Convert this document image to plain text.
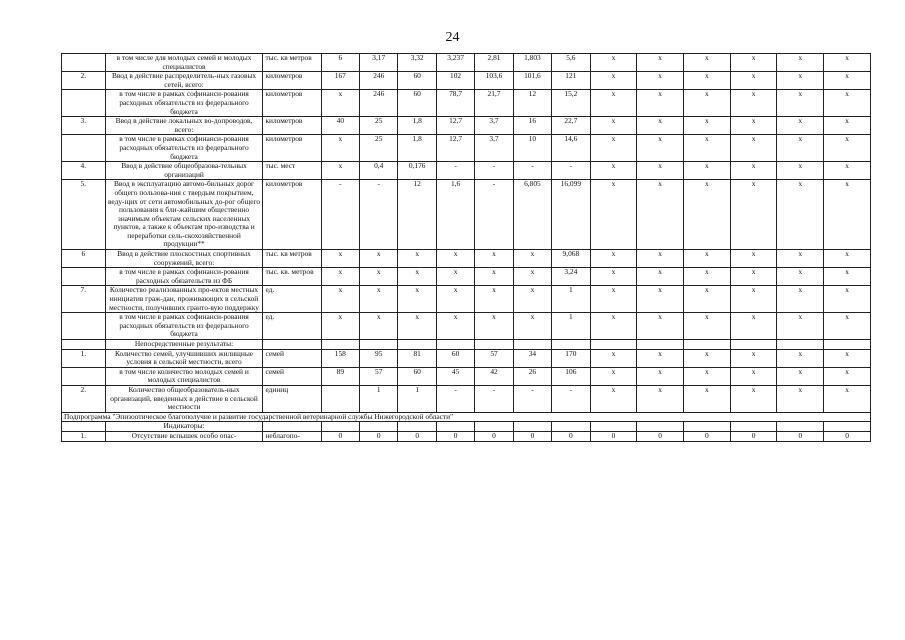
24
	в том числе для молодых семей и молодых специалистов	тыс. кв метров	6	3,17	3,32	3,237	2,81	1,803	5,6	х	х	х	х	х	х
2.	Ввод в действие распределитель-ных газовых сетей, всего:	километров	167	246	60	102	103,6	101,6	121	х	х	х	х	х	х
	в том числе в рамках софинанси-рования расходных обязательств из федерального бюджета	километров	х	246	60	78,7	21,7	12	15,2	х	х	х	х	х	х
3.	Ввод в действие локальных во-допроводов, всего:	километров	40	25	1,8	12,7	3,7	16	22,7	х	х	х	х	х	х
	в том числе в рамках софинанси-рования расходных обязательств из федерального бюджета	километров	х	25	1,8	12,7	3,7	10	14,6	х	х	х	х	х	х
4.	Ввод в действие общеобразова-тельных организаций	тыс. мест	х	0,4	0,176	-	-	-	-	х	х	х	х	х	х
5.	Ввод в эксплуатацию автомо-бильных дорог общего пользова-ния с твердым покрытием, веду-щих от сети автомобильных до-рог общего пользования к бли-жайшим общественно значимым объектам сельских населенных пунктов, а также к объектам про-изводства и переработки сель-скохозяйственной продукции**	километров	-	-	12	1,6	-	6,805	16,099	х	х	х	х	х	х
6	Ввод в действие плоскостных спортивных сооружений, всего:	тыс. кв метров	х	х	х	х	х	х	9,068	х	х	х	х	х	х
	в том числе в рамках софинанси-рования расходных обязательств из ФБ	тыс. кв. метров	х	х	х	х	х	х	3,24	х	х	х	х	х	х
7.	Количество реализованных про-ектов местных инициатив граж-дан, проживающих в сельской местности, получивших грантo-вую поддержку	ед.	х	х	х	х	х	х	1	х	х	х	х	х	х
	в том числе в рамках софинанси-рования расходных обязательств из федерального бюджета	ед.	х	х	х	х	х	х	1	х	х	х	х	х	х
	Непосредственные результаты:														
1.	Количество семей, улучшивших жилищные условия в сельской местности, всего	семей	158	95	81	60	57	34	170	х	х	х	х	х	х
	в том числе количество молодых семей и молодых специалистов	семей	89	57	60	45	42	26	106	х	х	х	х	х	х
2.	Количество общеобразователь-ных организаций, введенных в действие в сельской местности	единиц		1	1	-	-	-	-	х	х	х	х	х	х
Подпрограмма "Эпизоотическое благополучие и развитие государственной ветеринарной службы Нижегородской области"															
	Индикаторы:														
1.	Отсутствие вспышек особо опас-	неблагопо-	0	0	0	0	0	0	0	0	0	0	0	0	0
